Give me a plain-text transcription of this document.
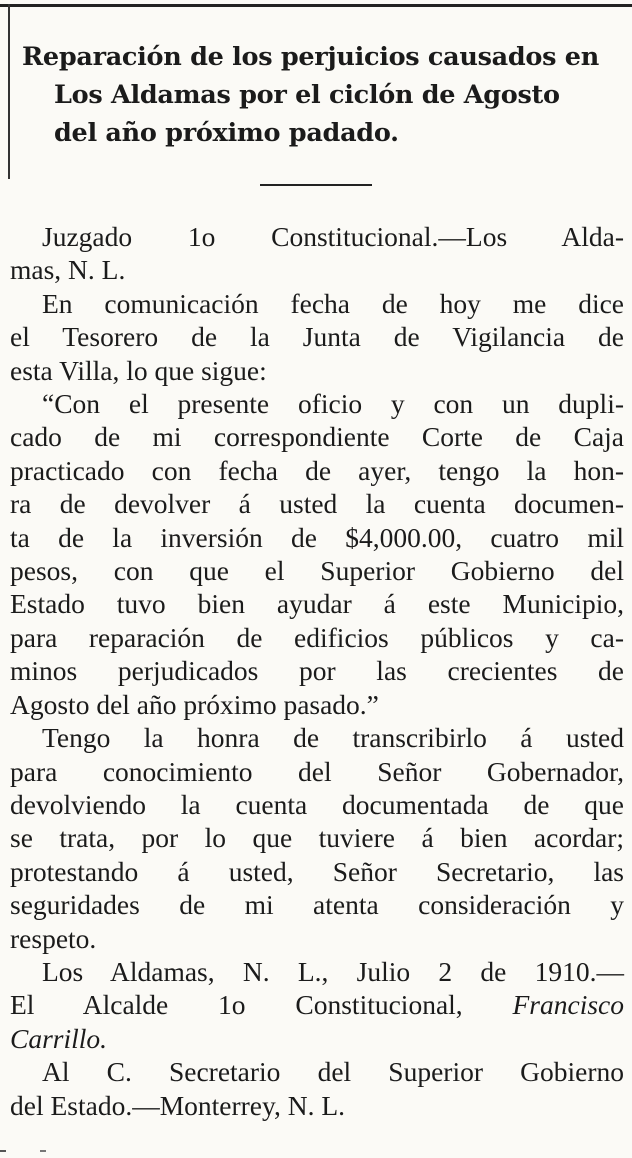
Reparación de los perjuicios causados en
Los Aldamas por el ciclón de Agosto
del año próximo padado.
Juzgado 1o Constitucional.—Los Alda-
mas, N. L.
En comunicación fecha de hoy me dice
el Tesorero de la Junta de Vigilancia de
esta Villa, lo que sigue:
“Con el presente oficio y con un dupli-
cado de mi correspondiente Corte de Caja
practicado con fecha de ayer, tengo la hon-
ra de devolver á usted la cuenta documen-
ta de la inversión de $4,000.00, cuatro mil
pesos, con que el Superior Gobierno del
Estado tuvo bien ayudar á este Municipio,
para reparación de edificios públicos y ca-
minos perjudicados por las crecientes de
Agosto del año próximo pasado.”
Tengo la honra de transcribirlo á usted
para conocimiento del Señor Gobernador,
devolviendo la cuenta documentada de que
se trata, por lo que tuviere á bien acordar;
protestando á usted, Señor Secretario, las
seguridades de mi atenta consideración y
respeto.
Los Aldamas, N. L., Julio 2 de 1910.—
El Alcalde 1o Constitucional, Francisco
Carrillo.
Al C. Secretario del Superior Gobierno
del Estado.—Monterrey, N. L.
